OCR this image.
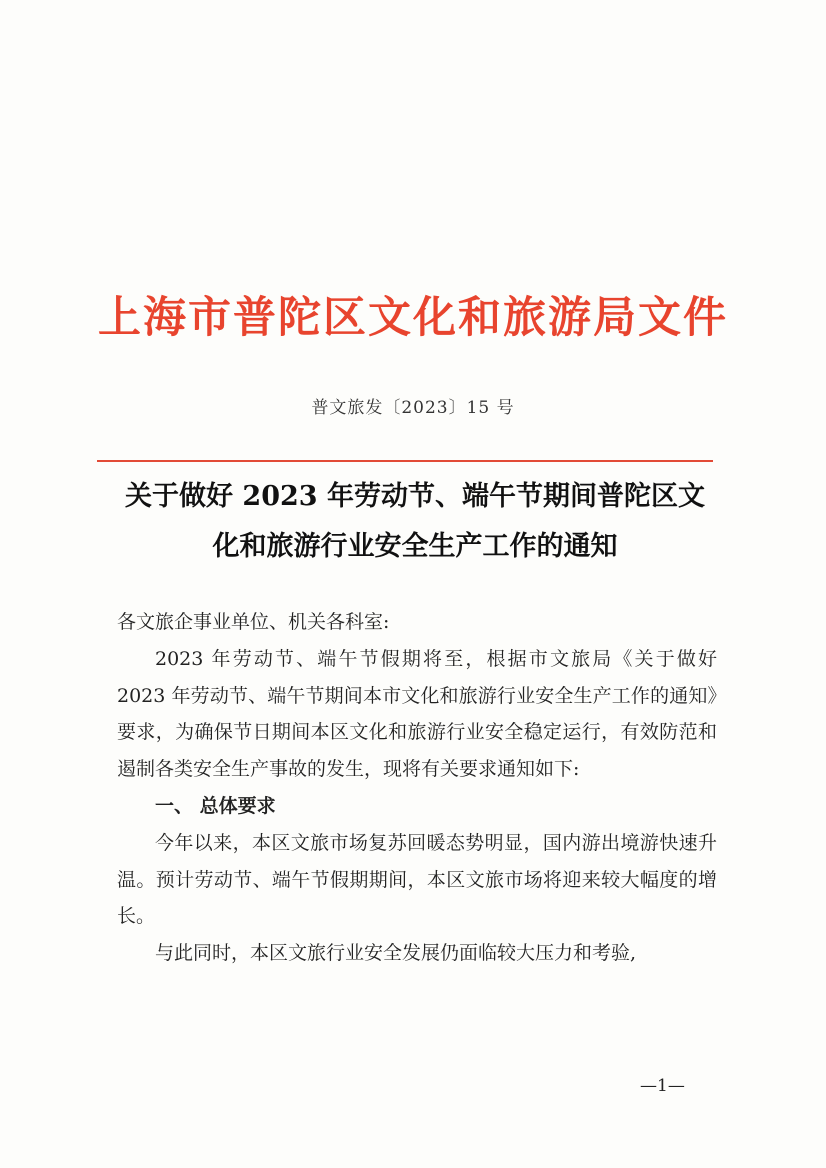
上海市普陀区文化和旅游局文件
普文旅发〔2023〕15 号
关于做好 2023 年劳动节、端午节期间普陀区文
化和旅游行业安全生产工作的通知

各文旅企事业单位、机关各科室:

2023 年劳动节、端午节假期将至，根据市文旅局《关于做好 2023 年劳动节、端午节期间本市文化和旅游行业安全生产工作的通知》要求，为确保节日期间本区文化和旅游行业安全稳定运行，有效防范和遏制各类安全生产事故的发生，现将有关要求通知如下:

一、 总体要求

今年以来，本区文旅市场复苏回暖态势明显，国内游出境游快速升温。预计劳动节、端午节假期期间，本区文旅市场将迎来较大幅度的增长。

与此同时，本区文旅行业安全发展仍面临较大压力和考验,

—1—
